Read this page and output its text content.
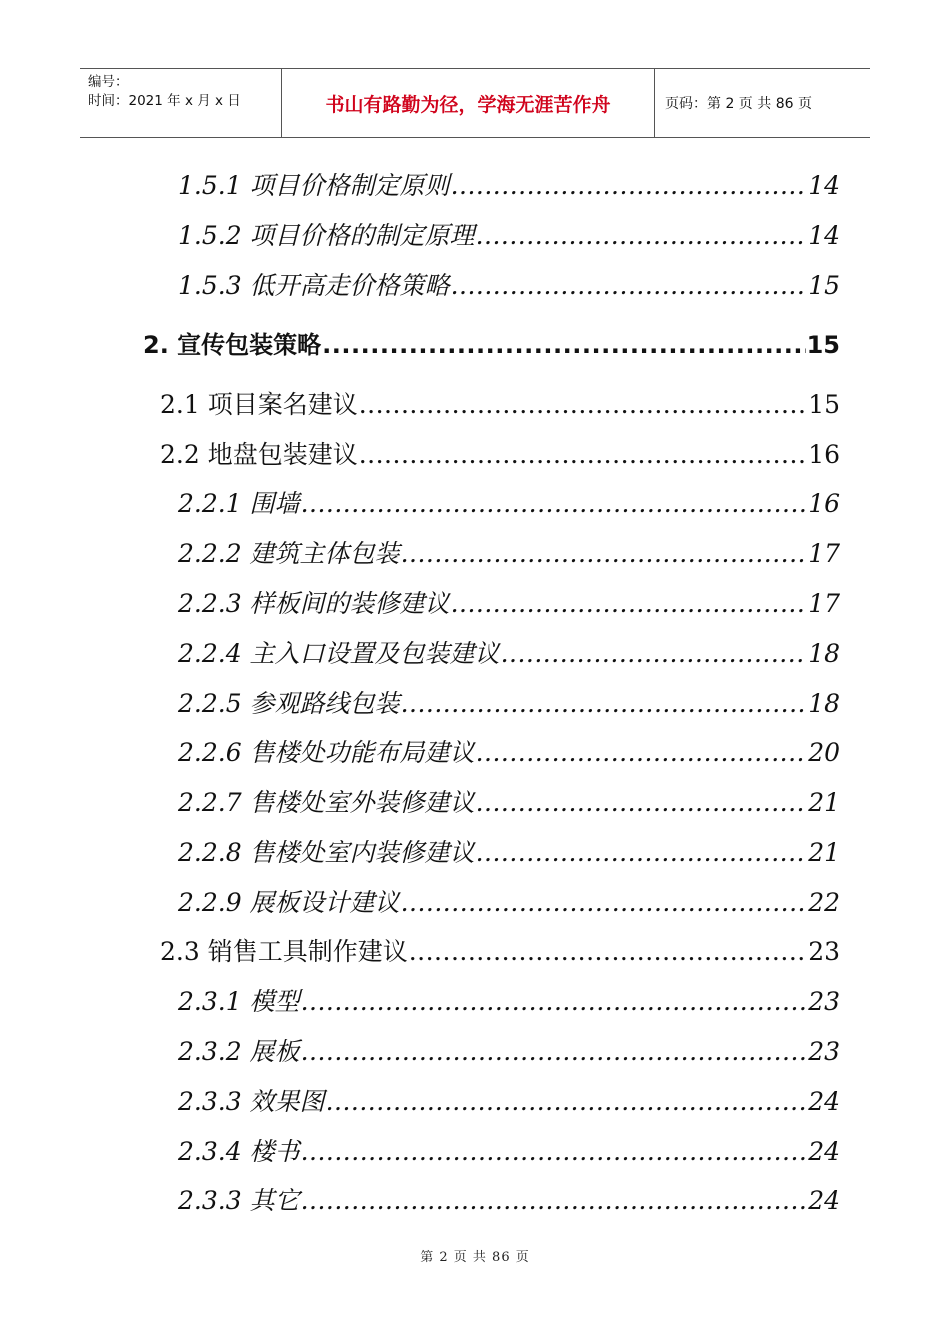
编号：
时间：2021 年 x 月 x 日	书山有路勤为径，学海无涯苦作舟	页码：第 2 页 共 86 页
1.5.1 项目价格制定原则 .....	14
1.5.2 项目价格的制定原理 .....	14
1.5.3 低开高走价格策略 .....	15
2. 宣传包装策略 .....	15
2.1 项目案名建议 .....	15
2.2 地盘包装建议 .....	16
2.2.1 围墙 .....	16
2.2.2 建筑主体包装 .....	17
2.2.3 样板间的装修建议 .....	17
2.2.4 主入口设置及包装建议 .....	18
2.2.5 参观路线包装 .....	18
2.2.6 售楼处功能布局建议 .....	20
2.2.7 售楼处室外装修建议 .....	21
2.2.8 售楼处室内装修建议 .....	21
2.2.9 展板设计建议 .....	22
2.3 销售工具制作建议 .....	23
2.3.1 模型 .....	23
2.3.2 展板 .....	23
2.3.3 效果图 .....	24
2.3.4 楼书 .....	24
2.3.3 其它 .....	24
第 2 页 共 86 页
